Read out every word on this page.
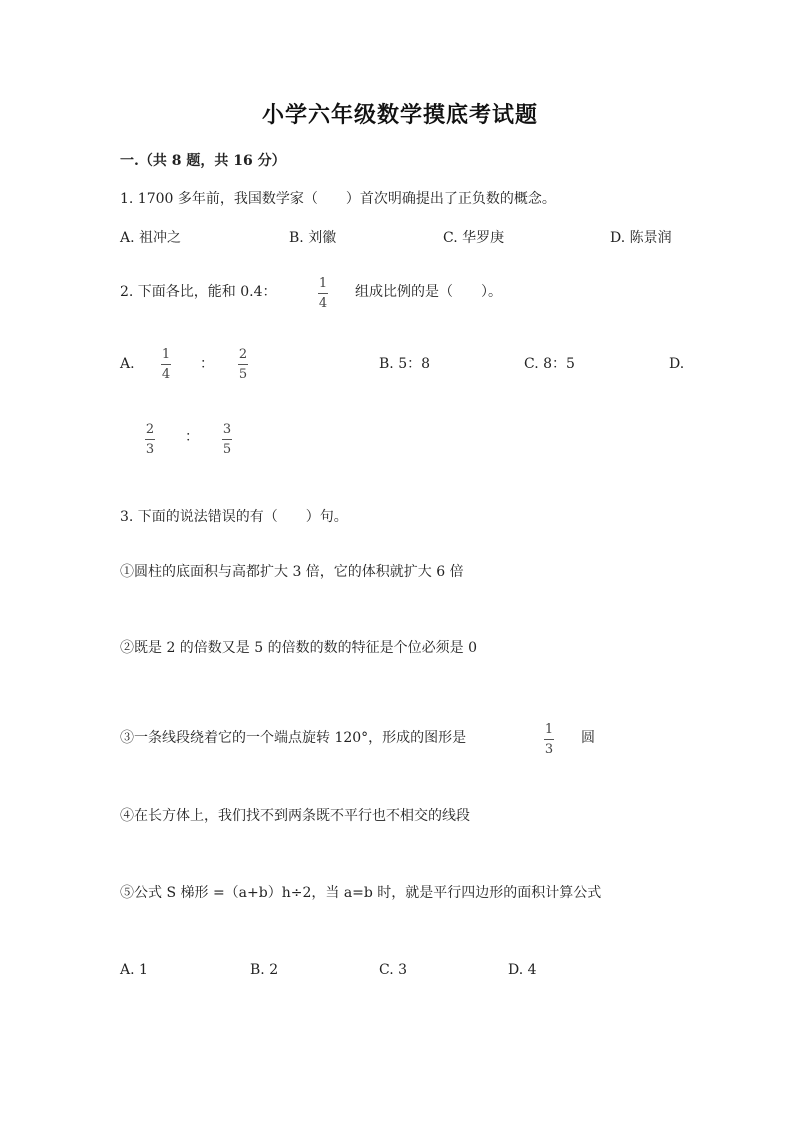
小学六年级数学摸底考试题
一.（共 8 题，共 16 分）
1. 1700 多年前，我国数学家（　　）首次明确提出了正负数的概念。
A. 祖冲之	B. 刘徽	C. 华罗庚	D. 陈景润
2. 下面各比，能和 0.4：
1
4
组成比例的是（　　）。
A.
1
4
：
2
5
B. 5：8	C. 8：5	D.
2
3
： 3
5
3. 下面的说法错误的有（　　）句。
①圆柱的底面积与高都扩大 3 倍，它的体积就扩大 6 倍
②既是 2 的倍数又是 5 的倍数的数的特征是个位必须是 0
③一条线段绕着它的一个端点旋转 120°，形成的图形是
1
3
圆
④在长方体上，我们找不到两条既不平行也不相交的线段
⑤公式 S 梯形 =（a+b）h÷2，当 a=b 时，就是平行四边形的面积计算公式
A. 1	B. 2	C. 3	D. 4
